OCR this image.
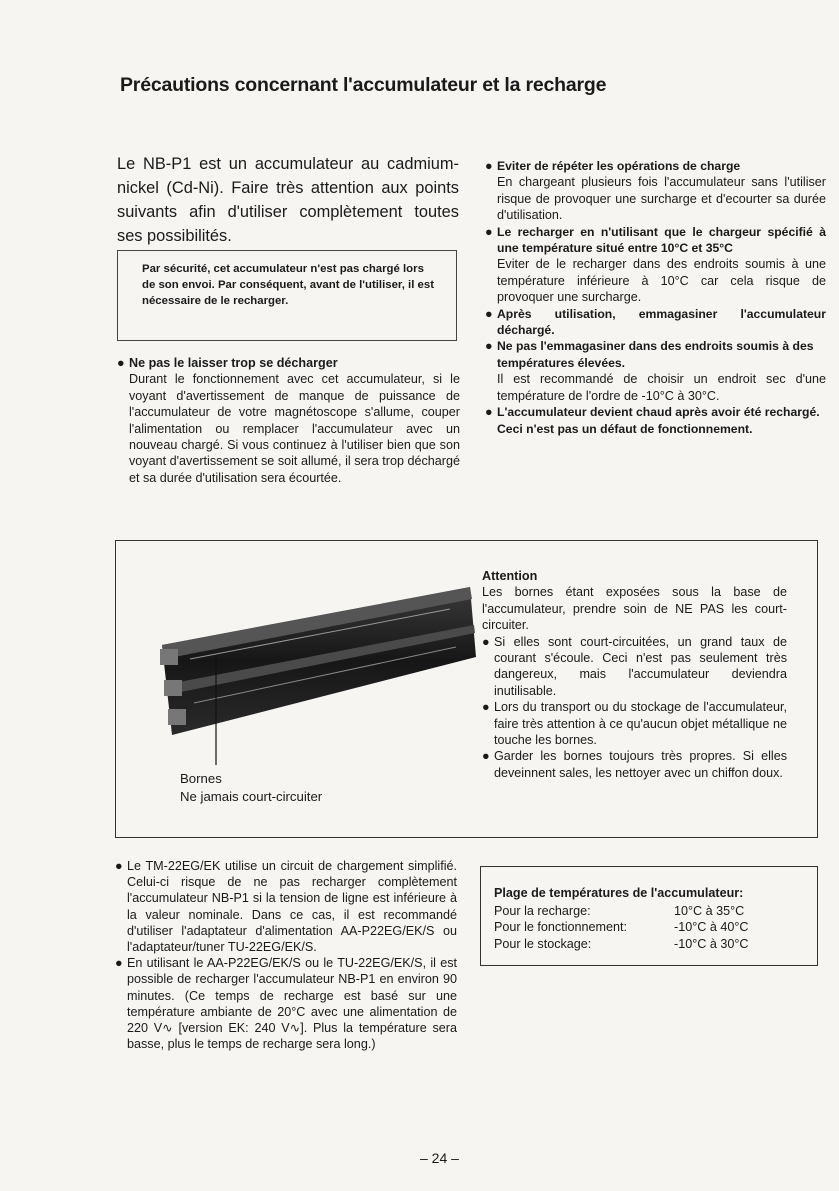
Précautions concernant l'accumulateur et la recharge
Le NB-P1 est un accumulateur au cadmium-nickel (Cd-Ni). Faire très attention aux points suivants afin d'utiliser complètement toutes ses possibilités.
Par sécurité, cet accumulateur n'est pas chargé lors de son envoi. Par conséquent, avant de l'utiliser, il est nécessaire de le recharger.
● Ne pas le laisser trop se décharger
Durant le fonctionnement avec cet accumulateur, si le voyant d'avertissement de manque de puissance de l'accumulateur de votre magnétoscope s'allume, couper l'alimentation ou remplacer l'accumulateur avec un nouveau chargé. Si vous continuez à l'utiliser bien que son voyant d'avertissement se soit allumé, il sera trop déchargé et sa durée d'utilisation sera écourtée.
● Eviter de répéter les opérations de charge
En chargeant plusieurs fois l'accumulateur sans l'utiliser risque de provoquer une surcharge et d'ecourter sa durée d'utilisation.
● Le recharger en n'utilisant que le chargeur spécifié à une température situé entre 10°C et 35°C
Eviter de le recharger dans des endroits soumis à une température inférieure à 10°C car cela risque de provoquer une surcharge.
● Après utilisation, emmagasiner l'accumulateur déchargé.
● Ne pas l'emmagasiner dans des endroits soumis à des températures élevées.
Il est recommandé de choisir un endroit sec d'une température de l'ordre de -10°C à 30°C.
● L'accumulateur devient chaud après avoir été rechargé. Ceci n'est pas un défaut de fonctionnement.
Bornes
Ne jamais court-circuiter
Attention
Les bornes étant exposées sous la base de l'accumulateur, prendre soin de NE PAS les court-circuiter.
● Si elles sont court-circuitées, un grand taux de courant s'écoule. Ceci n'est pas seulement très dangereux, mais l'accumulateur deviendra inutilisable.
● Lors du transport ou du stockage de l'accumulateur, faire très attention à ce qu'aucun objet métallique ne touche les bornes.
● Garder les bornes toujours très propres. Si elles deveinnent sales, les nettoyer avec un chiffon doux.
● Le TM-22EG/EK utilise un circuit de chargement simplifié. Celui-ci risque de ne pas recharger complètement l'accumulateur NB-P1 si la tension de ligne est inférieure à la valeur nominale. Dans ce cas, il est recommandé d'utiliser l'adaptateur d'alimentation AA-P22EG/EK/S ou l'adaptateur/tuner TU-22EG/EK/S.
● En utilisant le AA-P22EG/EK/S ou le TU-22EG/EK/S, il est possible de recharger l'accumulateur NB-P1 en environ 90 minutes. (Ce temps de recharge est basé sur une température ambiante de 20°C avec une alimentation de 220 V∿ [version EK: 240 V∿]. Plus la température sera basse, plus le temps de recharge sera long.)
Plage de températures de l'accumulateur:
Pour la recharge:	10°C à 35°C
Pour le fonctionnement:	-10°C à 40°C
Pour le stockage:	-10°C à 30°C
– 24 –
